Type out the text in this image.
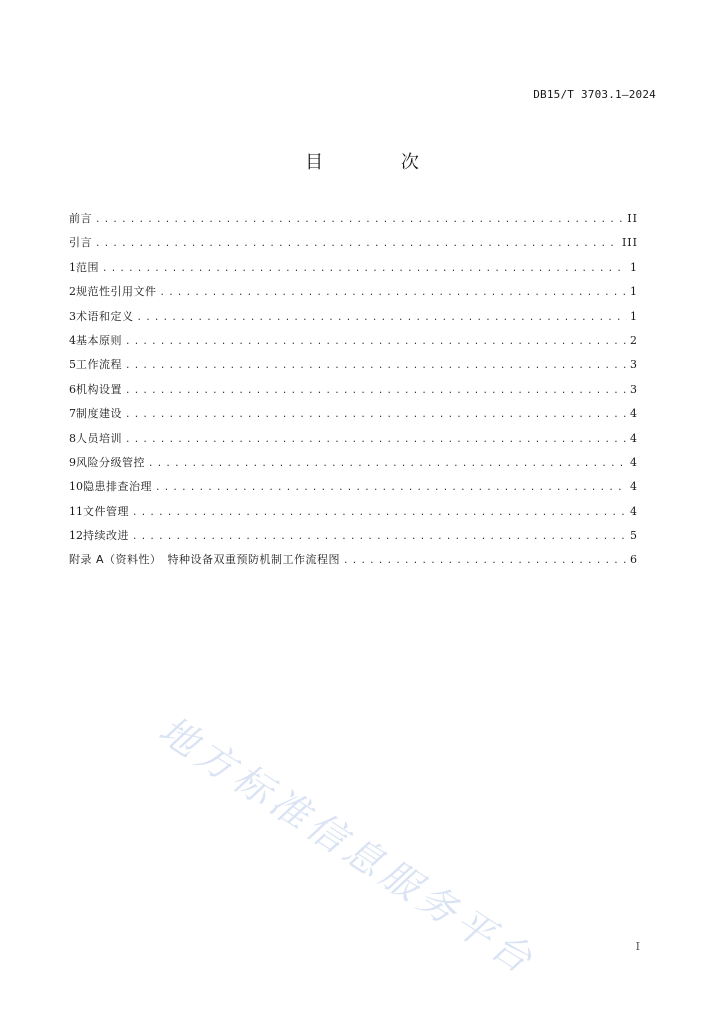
DB15/T 3703.1—2024
目 次
前言 .....	II
引言 .....	III
1 范围 .....	1
2 规范性引用文件 .....	1
3 术语和定义 .....	1
4 基本原则 .....	2
5 工作流程 .....	3
6 机构设置 .....	3
7 制度建设 .....	4
8 人员培训 .....	4
9 风险分级管控 .....	4
10 隐患排查治理 .....	4
11 文件管理 .....	4
12 持续改进 .....	5
附录 A（资料性）　特种设备双重预防机制工作流程图 .....	6
地方标准信息服务平台	I
